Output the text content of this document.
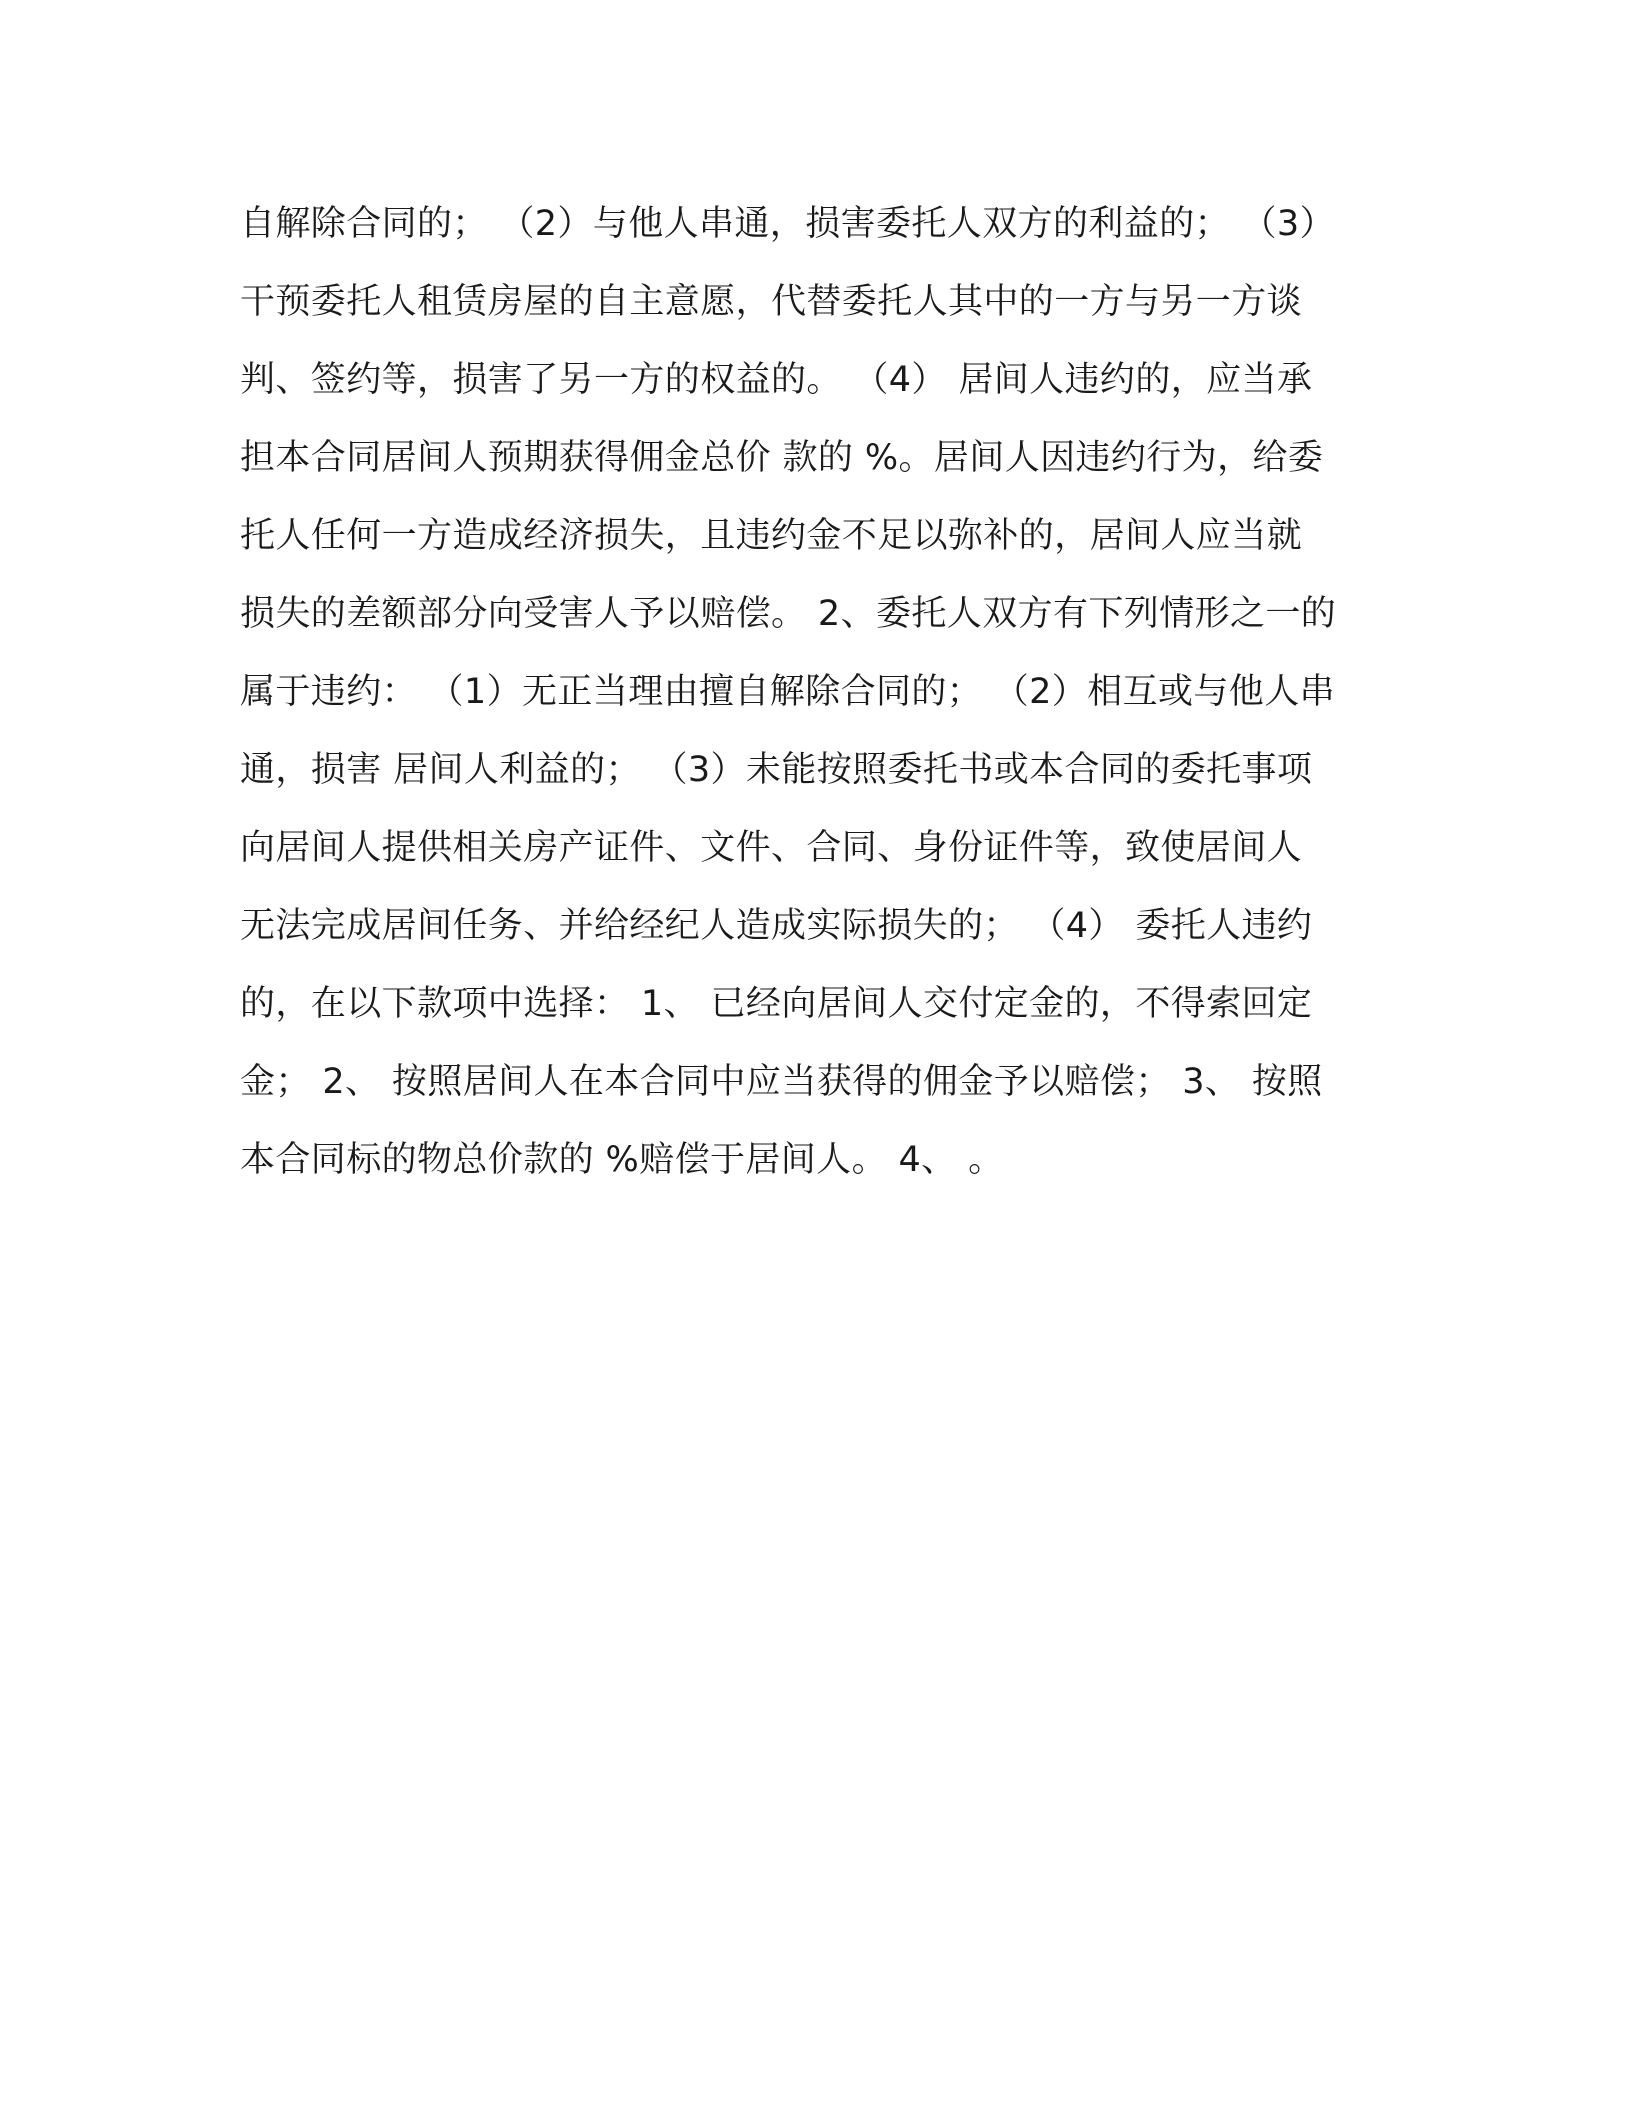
自解除合同的； （2）与他人串通，损害委托人双方的利益的； （3）
干预委托人租赁房屋的自主意愿，代替委托人其中的一方与另一方谈
判、签约等，损害了另一方的权益的。 （4） 居间人违约的，应当承
担本合同居间人预期获得佣金总价 款的 %。居间人因违约行为，给委
托人任何一方造成经济损失，且违约金不足以弥补的，居间人应当就
损失的差额部分向受害人予以赔偿。 2、委托人双方有下列情形之一的
属于违约： （1）无正当理由擅自解除合同的； （2）相互或与他人串
通，损害 居间人利益的； （3）未能按照委托书或本合同的委托事项
向居间人提供相关房产证件、文件、合同、身份证件等，致使居间人
无法完成居间任务、并给经纪人造成实际损失的； （4） 委托人违约
的，在以下款项中选择： 1、 已经向居间人交付定金的，不得索回定
金； 2、 按照居间人在本合同中应当获得的佣金予以赔偿； 3、 按照
本合同标的物总价款的 %赔偿于居间人。 4、 。
